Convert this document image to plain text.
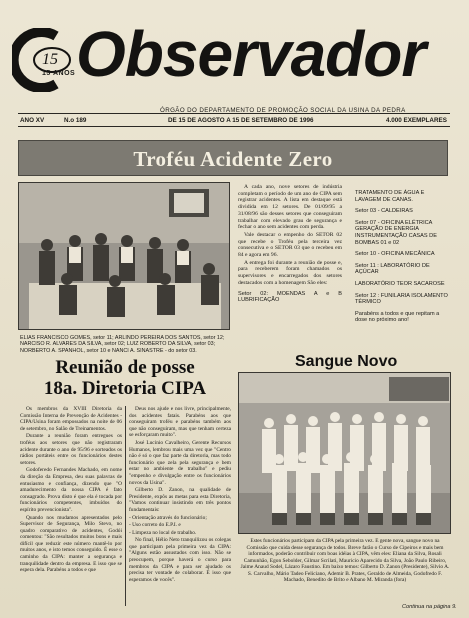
15
15 ANOS Observador
ÓRGÃO DO DEPARTAMENTO DE PROMOÇÃO SOCIAL DA USINA DA PEDRA
ANO XV	N.o 189	DE 15 DE AGOSTO A 15 DE SETEMBRO DE 1996	4.000 EXEMPLARES
Troféu Acidente Zero
ELIAS FRANCISCO GOMES, setor 11; ARLINDO PEREIRA DOS SANTOS, setor 12; NARCISO R. ALVARES DA SILVA, setor 02; LUIZ ROBERTO DA SILVA, setor 03; NORBERTO A. SPANHOL, setor 10 e NANCI A. SINASTRE - do setor 03.

A cada ano, nove setores de indústria completam o período de um ano de CIPA sem registrar acidentes. A lista em destaque está dividida em 12 setores. De 01/09/95 a 31/08/96 são desses setores que conseguiram trabalhar com elevado grau de segurança e fechar o ano sem acidentes com perda.

Vale destacar o empenho do SETOR 02 que recebe o Troféu pela terceira vez consecutiva e o SETOR 03 que o recebeu em 84 e agora em 96.

A entrega foi durante a reunião de posse e, para receberem foram chamados os supervisores e encarregados dos setores destacados com a homenagem São eles:

Setor 02: MOENDAS A e B LUBRIFICAÇÃO

TRATAMENTO DE ÁGUA E LAVAGEM DE CANAS.
Setor 03 - CALDEIRAS
Setor 07 - OFICINA ELÉTRICA GERAÇÃO DE ENERGIA INSTRUMENTAÇÃO CASAS DE BOMBAS 01 e 02
Setor 10 - OFICINA MECÂNICA
Setor 11 : LABORATÓRIO DE AÇÚCAR
LABORATÓRIO TEOR SACAROSE
Setor 12 : FUNILARIA ISOLAMENTO TÉRMICO
Parabéns a todos e que repitam a dose no próximo ano!
Reunião de posse
18a. Diretoria CIPA

Os membros da XVIII Diretoria da Comissão Interna de Prevenção de Acidentes - CIPA/Usina foram empossados na noite de 06 de setembro, no Salão de Treinamentos.

Durante a reunião foram entregues os troféus aos setores que não registraram acidente durante o ano de 95/96 e sorteados os rádios portáteis entre os funcionários destes setores.

Godoferedo Fernandes Machado, em nome da direção da Empresa, deu suas palavras de entusiasmo e confiança, dizendo que "O amadurecimento da nossa CIPA é fato consagrado. Prova disto é que ela é tocada por funcionários competentes, imbuídos do espírito prevencionista".

Quando nos mudamos apresentados pelo Supervisor de Segurança, Milo Stevo, no quadro comparativo de acidentes, Godói comentou: "São resultados muitos bons e mais difícil que reduzir este número mantê-lo por muitos anos, e isto temos conseguido. É esse o caminho da CIPA: manter a segurança e tranquilidade dentro da empresa. E isso que se espera dela. Parabéns a todos e que

Deus nos ajude e nos livre, principalmente, dos acidentes fatais. Parabéns aos que conseguiram troféu e parabéns também aos que não conseguiram, mas que tenham certeza se esforçaram muito".

José Lucinio Cavalheiro, Gerente Recursos Humanos, lembrou mais uma vez que "Centro não é só o que faz parte da diretoria, mas todo funcionário que zela pela segurança e bem estar no ambiente de trabalho" e pediu "empenho e divulgação entre os funcionários novos da Usina".

Gilberto D. Zanon, na qualidade de Presidente, expôs as metas para esta Diretoria, "Vamos continuar insistindo em três pontos fundamentais:

- Orientação através do funcionário;

- Uso correto do E.P.I. e

- Limpeza no local de trabalho.

No final, Hélio Neto tranquilizou os colegas que participam pela primeira vez da CIPA: "Alguns estão assustados com isso. Não se preocupem, porque haverá o curso para membros da CIPA e para ser ajudado os precisa ter vontade de colaborar. É isso que esperamos de vocês".

Sangue Novo
Estes funcionários participam da CIPA pela primeira vez. E gente nova, sangue novo na Comissão que cuida desse segurança de todos. Breve farão o Curso de Cipeiros e mais bem informados, poderão contribuir com boas idéias à CIPA, vêm eles: Eliana da Silva, Rosali Camunhão, Egon Sebolder, Gilmar Scrilati, Mauricio Aparecido da Silva, João Paulo Ribeiro, Jaime Anaud Sodel, Lázaro Faustino. Em baixo temos: Gilberto D. Zanon (Presidente), Silvio A. S. Carvalho, Mário Tadeo Feliciano, Ademir B. Prates, Geraldo de Almeida, Godofredo F. Machado, Benedito de Brito e Albano M. Miranda (fora)
Continua na página 9.
